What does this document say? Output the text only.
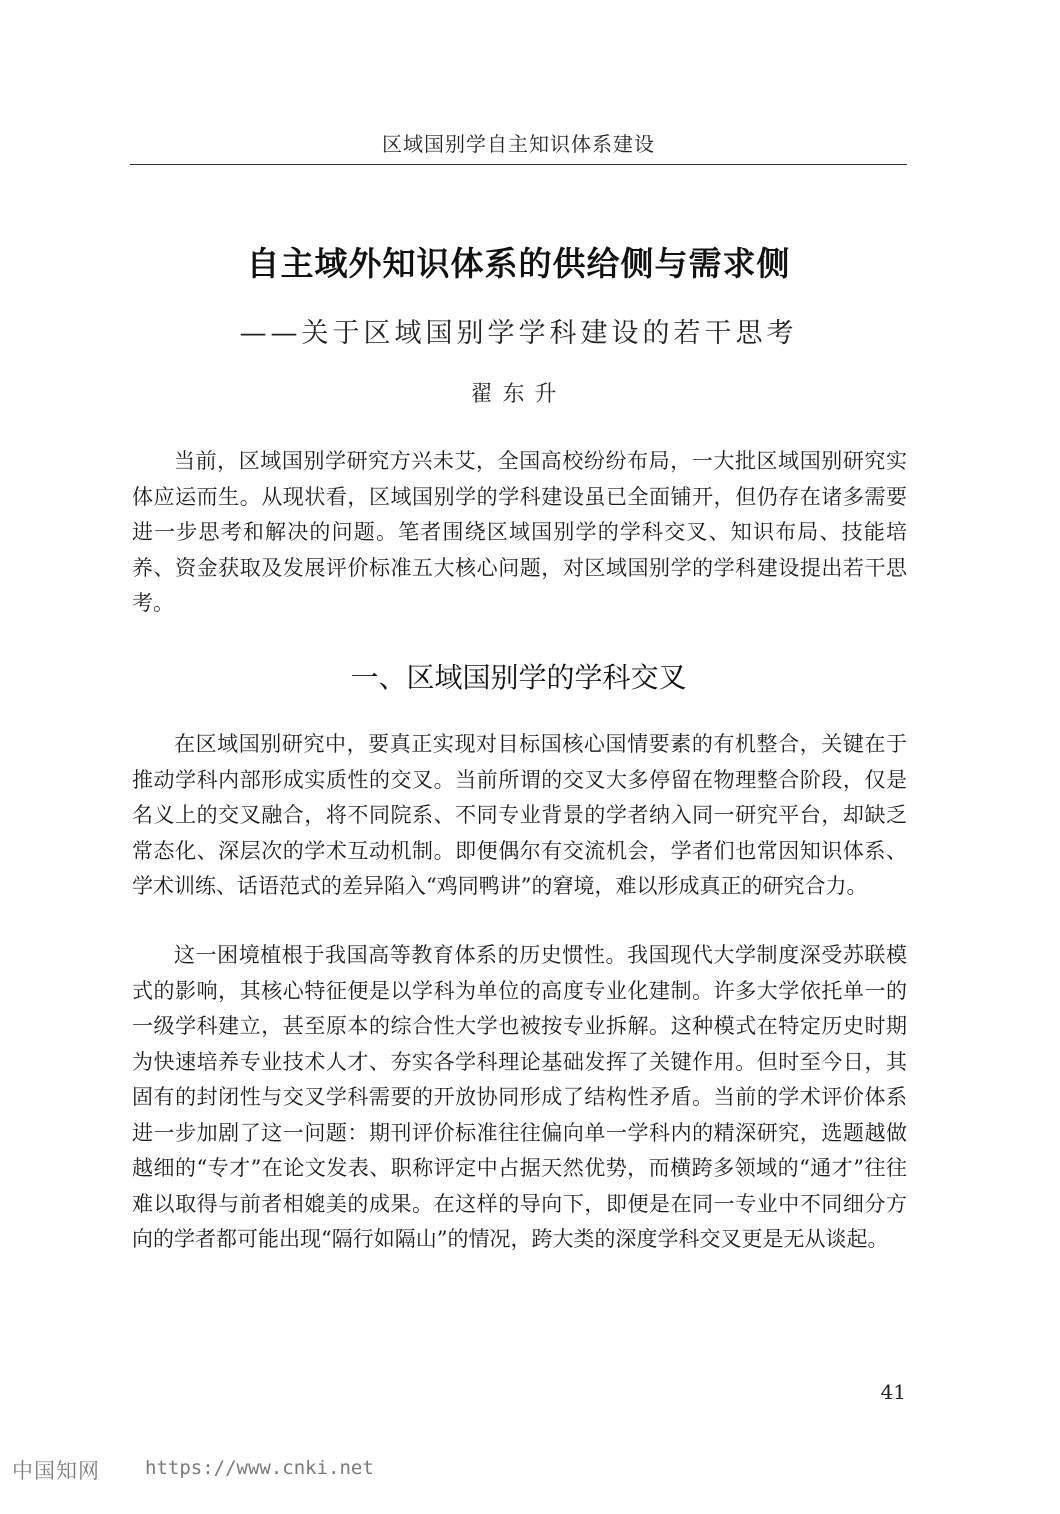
区域国别学自主知识体系建设
自主域外知识体系的供给侧与需求侧
——关于区域国别学学科建设的若干思考
翟东升

当前，区域国别学研究方兴未艾，全国高校纷纷布局，一大批区域国别研究实体应运而生。从现状看，区域国别学的学科建设虽已全面铺开，但仍存在诸多需要进一步思考和解决的问题。笔者围绕区域国别学的学科交叉、知识布局、技能培养、资金获取及发展评价标准五大核心问题，对区域国别学的学科建设提出若干思考。

一、区域国别学的学科交叉

在区域国别研究中，要真正实现对目标国核心国情要素的有机整合，关键在于推动学科内部形成实质性的交叉。当前所谓的交叉大多停留在物理整合阶段，仅是名义上的交叉融合，将不同院系、不同专业背景的学者纳入同一研究平台，却缺乏常态化、深层次的学术互动机制。即便偶尔有交流机会，学者们也常因知识体系、学术训练、话语范式的差异陷入“鸡同鸭讲”的窘境，难以形成真正的研究合力。

这一困境植根于我国高等教育体系的历史惯性。我国现代大学制度深受苏联模式的影响，其核心特征便是以学科为单位的高度专业化建制。许多大学依托单一的一级学科建立，甚至原本的综合性大学也被按专业拆解。这种模式在特定历史时期为快速培养专业技术人才、夯实各学科理论基础发挥了关键作用。但时至今日，其固有的封闭性与交叉学科需要的开放协同形成了结构性矛盾。当前的学术评价体系进一步加剧了这一问题：期刊评价标准往往偏向单一学科内的精深研究，选题越做越细的“专才”在论文发表、职称评定中占据天然优势，而横跨多领域的“通才”往往难以取得与前者相媲美的成果。在这样的导向下，即便是在同一专业中不同细分方向的学者都可能出现“隔行如隔山”的情况，跨大类的深度学科交叉更是无从谈起。

41
中国知网 https://www.cnki.net
